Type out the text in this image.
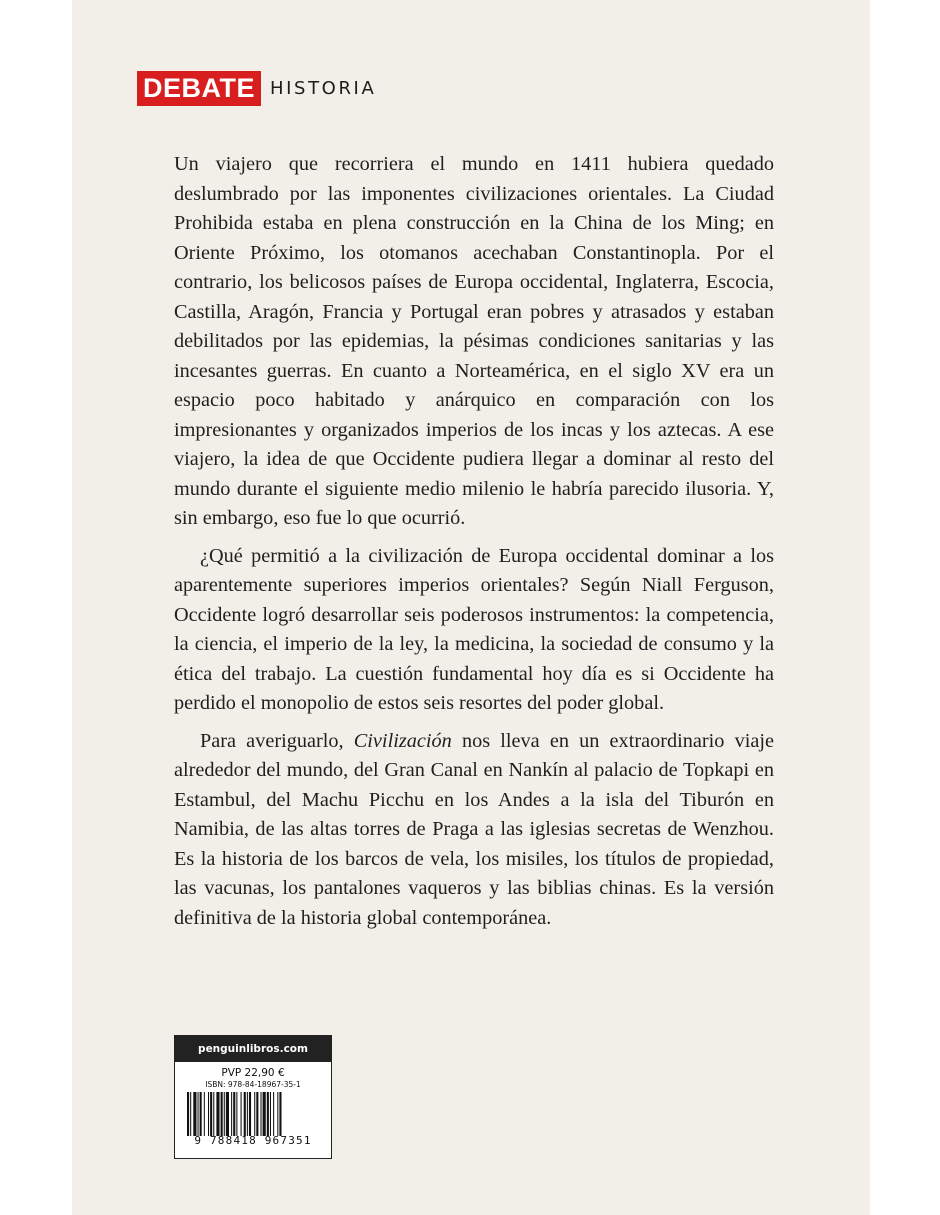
DEBATE HISTORIA

Un viajero que recorriera el mundo en 1411 hubiera quedado deslumbrado por las imponentes civilizaciones orientales. La Ciudad Prohibida estaba en plena construcción en la China de los Ming; en Oriente Próximo, los otomanos acechaban Constantinopla. Por el contrario, los belicosos países de Europa occidental, Inglaterra, Escocia, Castilla, Aragón, Francia y Portugal eran pobres y atrasados y estaban debilitados por las epidemias, la pésimas condiciones sanitarias y las incesantes guerras. En cuanto a Norteamérica, en el siglo XV era un espacio poco habitado y anárquico en comparación con los impresionantes y organizados imperios de los incas y los aztecas. A ese viajero, la idea de que Occidente pudiera llegar a dominar al resto del mundo durante el siguiente medio milenio le habría parecido ilusoria. Y, sin embargo, eso fue lo que ocurrió.

¿Qué permitió a la civilización de Europa occidental dominar a los aparentemente superiores imperios orientales? Según Niall Ferguson, Occidente logró desarrollar seis poderosos instrumentos: la competencia, la ciencia, el imperio de la ley, la medicina, la sociedad de consumo y la ética del trabajo. La cuestión fundamental hoy día es si Occidente ha perdido el monopolio de estos seis resortes del poder global.

Para averiguarlo, Civilización nos lleva en un extraordinario viaje alrededor del mundo, del Gran Canal en Nankín al palacio de Topkapi en Estambul, del Machu Picchu en los Andes a la isla del Tiburón en Namibia, de las altas torres de Praga a las iglesias secretas de Wenzhou. Es la historia de los barcos de vela, los misiles, los títulos de propiedad, las vacunas, los pantalones vaqueros y las biblias chinas. Es la versión definitiva de la historia global contemporánea.

penguinlibros.com
PVP 22,90 €
ISBN: 978-84-18967-35-1
9 788418 967351
